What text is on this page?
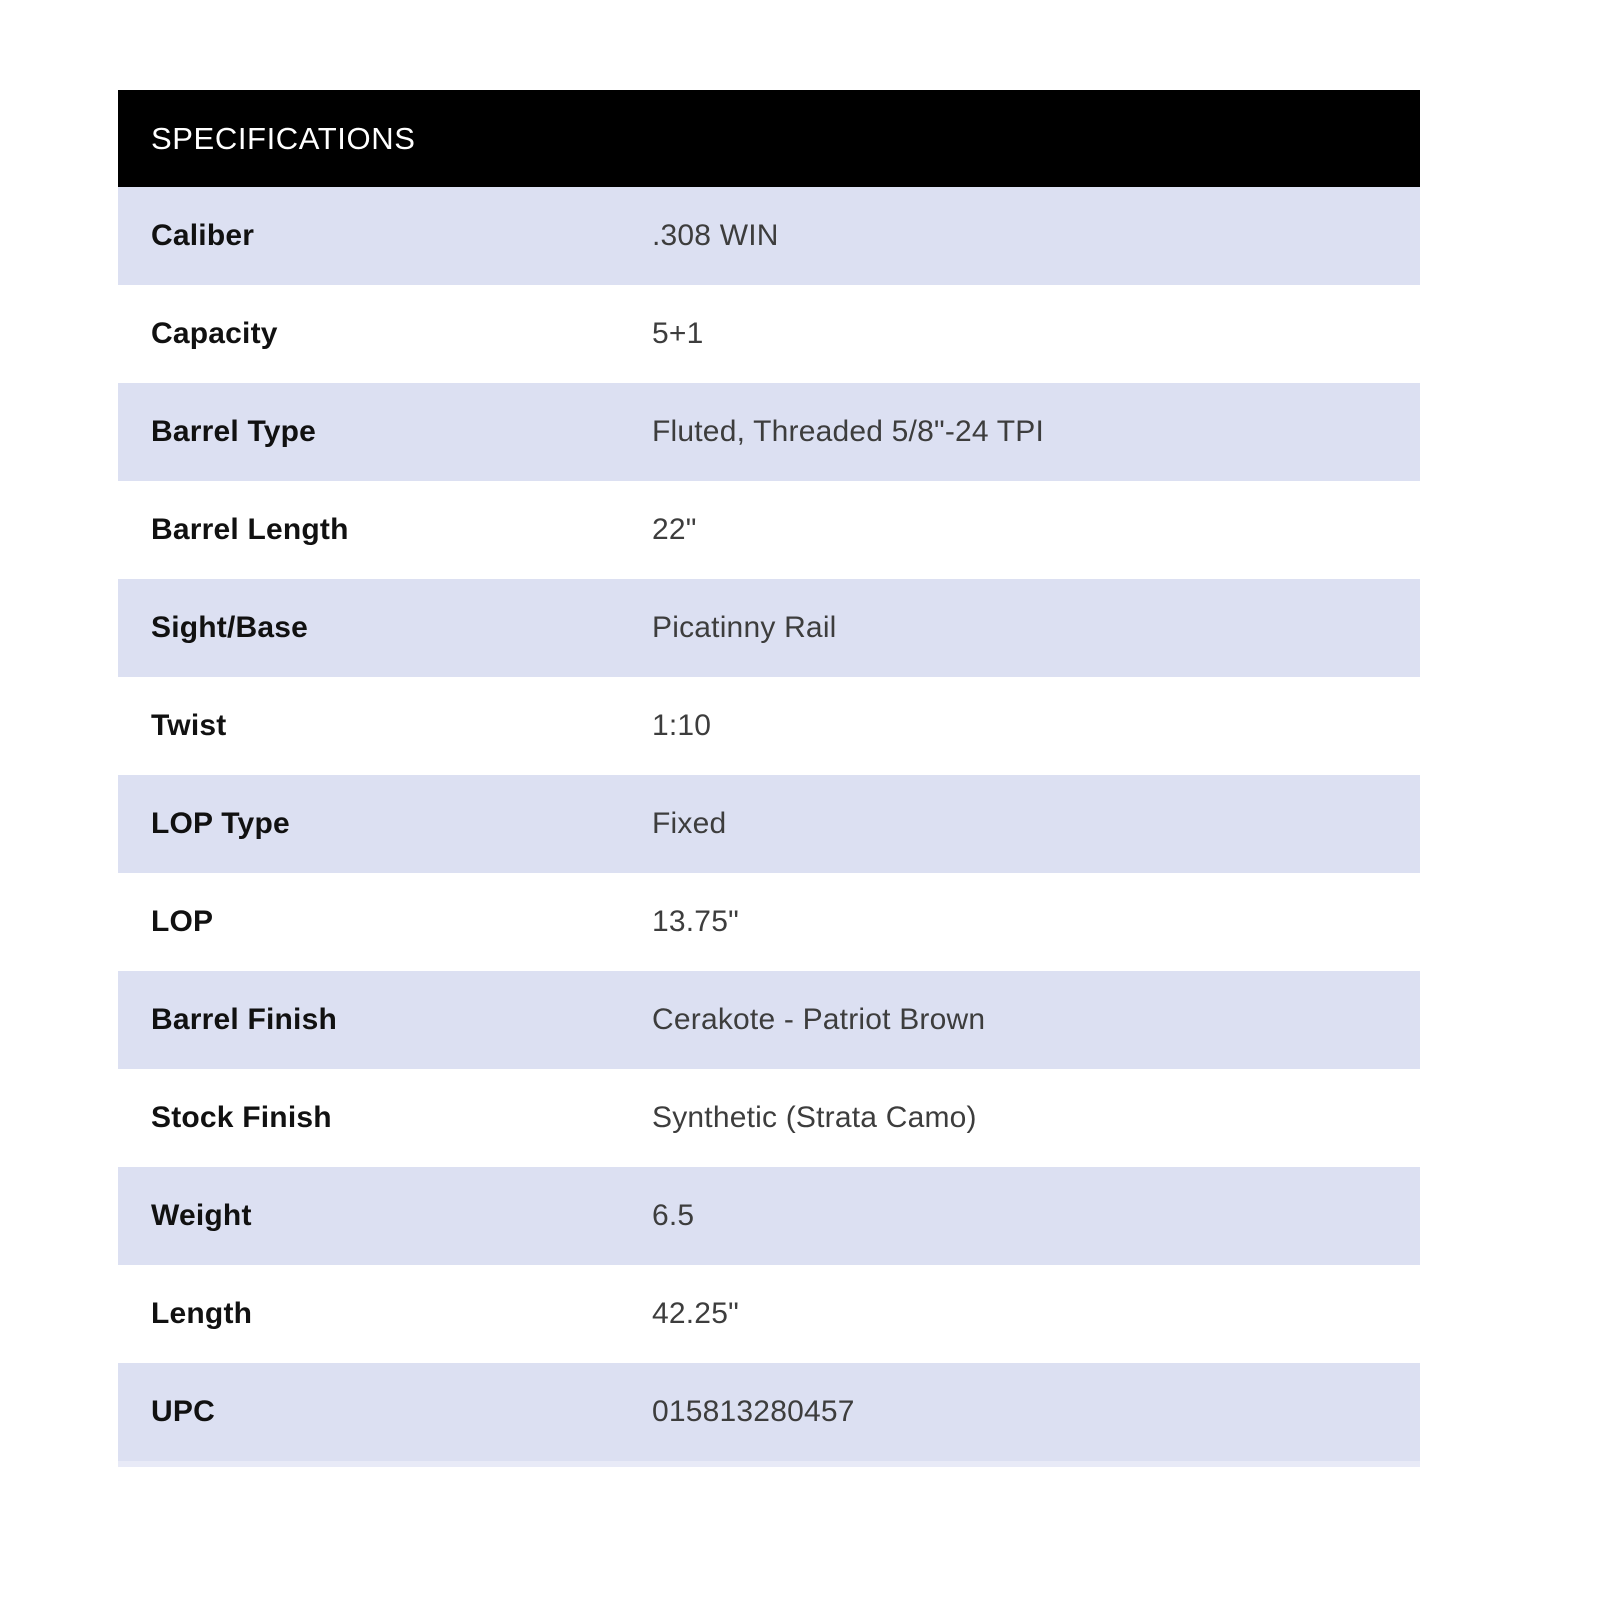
SPECIFICATIONS
Caliber	.308 WIN
Capacity	5+1
Barrel Type	Fluted, Threaded 5/8"-24 TPI
Barrel Length	22"
Sight/Base	Picatinny Rail
Twist	1:10
LOP Type	Fixed
LOP	13.75"
Barrel Finish	Cerakote - Patriot Brown
Stock Finish	Synthetic (Strata Camo)
Weight	6.5
Length	42.25"
UPC	015813280457
